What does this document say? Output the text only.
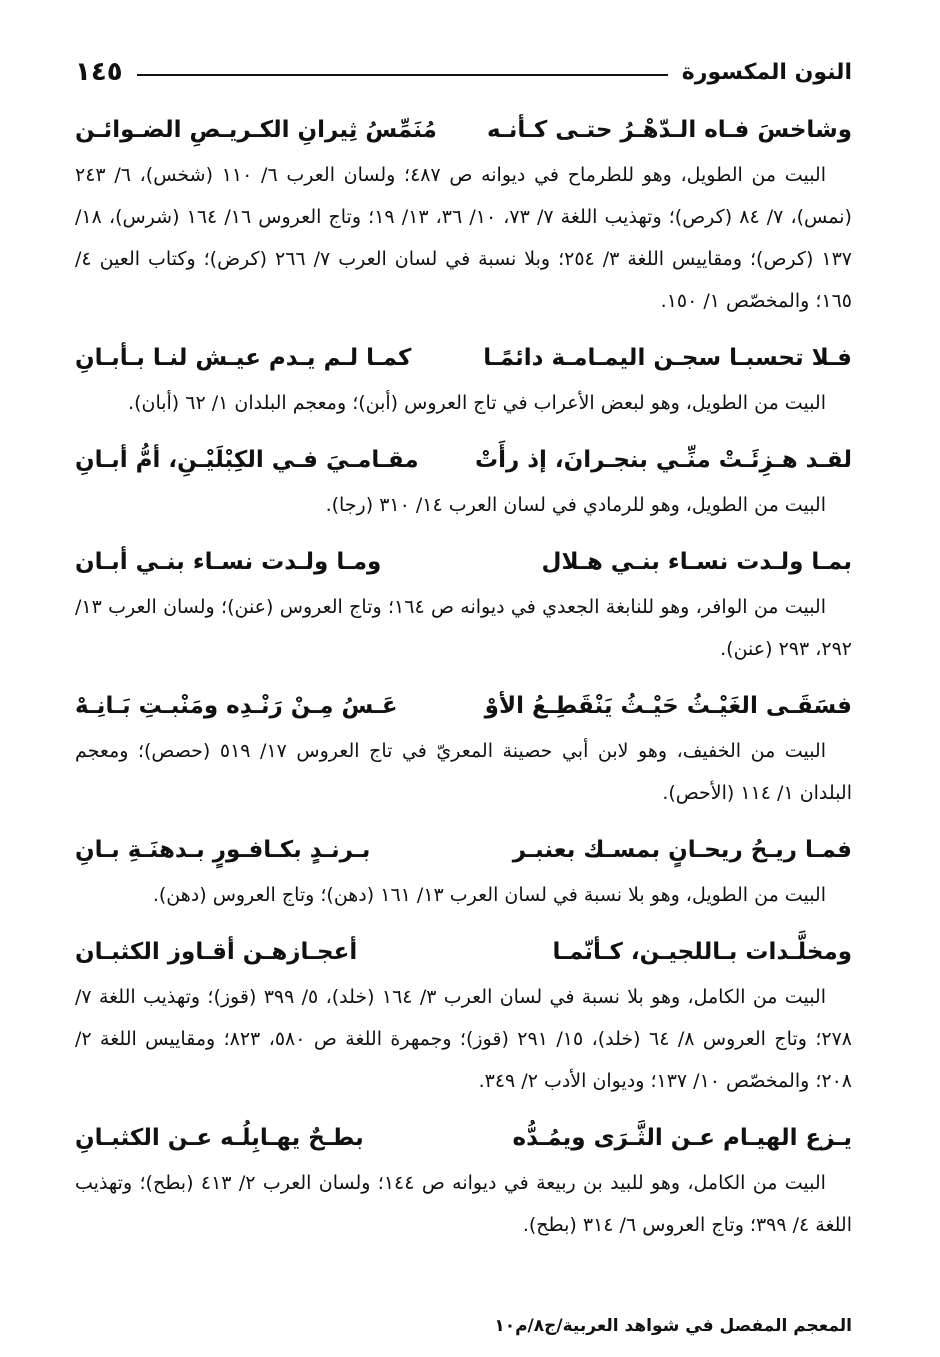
النون المكسورة
١٤٥
وشاخسَ فـاه الـدّهْـرُ حتـى كـأنـه
مُنَمِّسُ ثِيرانِ الكـريـصِ الضـوائـن

البيت من الطويل، وهو للطرماح في ديوانه ص ٤٨٧؛ ولسان العرب ٦/ ١١٠ (شخس)، ٦/ ٢٤٣ (نمس)، ٧/ ٨٤ (كرص)؛ وتهذيب اللغة ٧/ ٧٣، ١٠/ ٣٦، ١٣/ ١٩؛ وتاج العروس ١٦/ ١٦٤ (شرس)، ١٨/ ١٣٧ (كرص)؛ ومقاييس اللغة ٣/ ٢٥٤؛ وبلا نسبة في لسان العرب ٧/ ٢٦٦ (كرض)؛ وكتاب العين ٤/ ١٦٥؛ والمخصّص ١/ ١٥٠.

فـلا تحسبـا سجـن اليمـامـة دائمًـا
كمـا لـم يـدم عيـش لنـا بـأبـانِ

البيت من الطويل، وهو لبعض الأعراب في تاج العروس (أبن)؛ ومعجم البلدان ١/ ٦٢ (أبان).

لقـد هـزِئَـتْ منِّـي بنجـرانَ، إذ رأَتْ
مقـامـيَ فـي الكِبْلَيْـنِ، أمُّ أبـانِ

البيت من الطويل، وهو للرمادي في لسان العرب ١٤/ ٣١٠ (رجا).

بمـا ولـدت نسـاء بنـي هـلال
ومـا ولـدت نسـاء بنـي أبـان

البيت من الوافر، وهو للنابغة الجعدي في ديوانه ص ١٦٤؛ وتاج العروس (عنن)؛ ولسان العرب ١٣/ ٢٩٢، ٢٩٣ (عنن).

فسَقَـى الغَيْـثُ حَيْـثُ يَنْقَطِـعُ الأوْ
عَـسُ مِـنْ رَنْـدِه ومَنْبـتِ بَـانِـهْ

البيت من الخفيف، وهو لابن أبي حصينة المعريّ في تاج العروس ١٧/ ٥١٩ (حصص)؛ ومعجم البلدان ١/ ١١٤ (الأحص).

فمـا ريـحُ ريحـانٍ بمسـك بعنبـر
بـرنـدٍ بكـافـورٍ بـدهنَـةِ بـانِ

البيت من الطويل، وهو بلا نسبة في لسان العرب ١٣/ ١٦١ (دهن)؛ وتاج العروس (دهن).

ومخلَّـدات بـاللجيـن، كـأنّمـا
أعجـازهـن أقـاوز الكثبـان

البيت من الكامل، وهو بلا نسبة في لسان العرب ٣/ ١٦٤ (خلد)، ٥/ ٣٩٩ (قوز)؛ وتهذيب اللغة ٧/ ٢٧٨؛ وتاج العروس ٨/ ٦٤ (خلد)، ١٥/ ٢٩١ (قوز)؛ وجمهرة اللغة ص ٥٨٠، ٨٢٣؛ ومقاييس اللغة ٢/ ٢٠٨؛ والمخصّص ١٠/ ١٣٧؛ وديوان الأدب ٢/ ٣٤٩.

يـزع الهيـام عـن الثَّـرَى ويمُـدُّه
بطـحٌ يهـابِلُـه عـن الكثبـانِ

البيت من الكامل، وهو للبيد بن ربيعة في ديوانه ص ١٤٤؛ ولسان العرب ٢/ ٤١٣ (بطح)؛ وتهذيب اللغة ٤/ ٣٩٩؛ وتاج العروس ٦/ ٣١٤ (بطح).

المعجم المفصل في شواهد العربية/ج٨/م١٠
